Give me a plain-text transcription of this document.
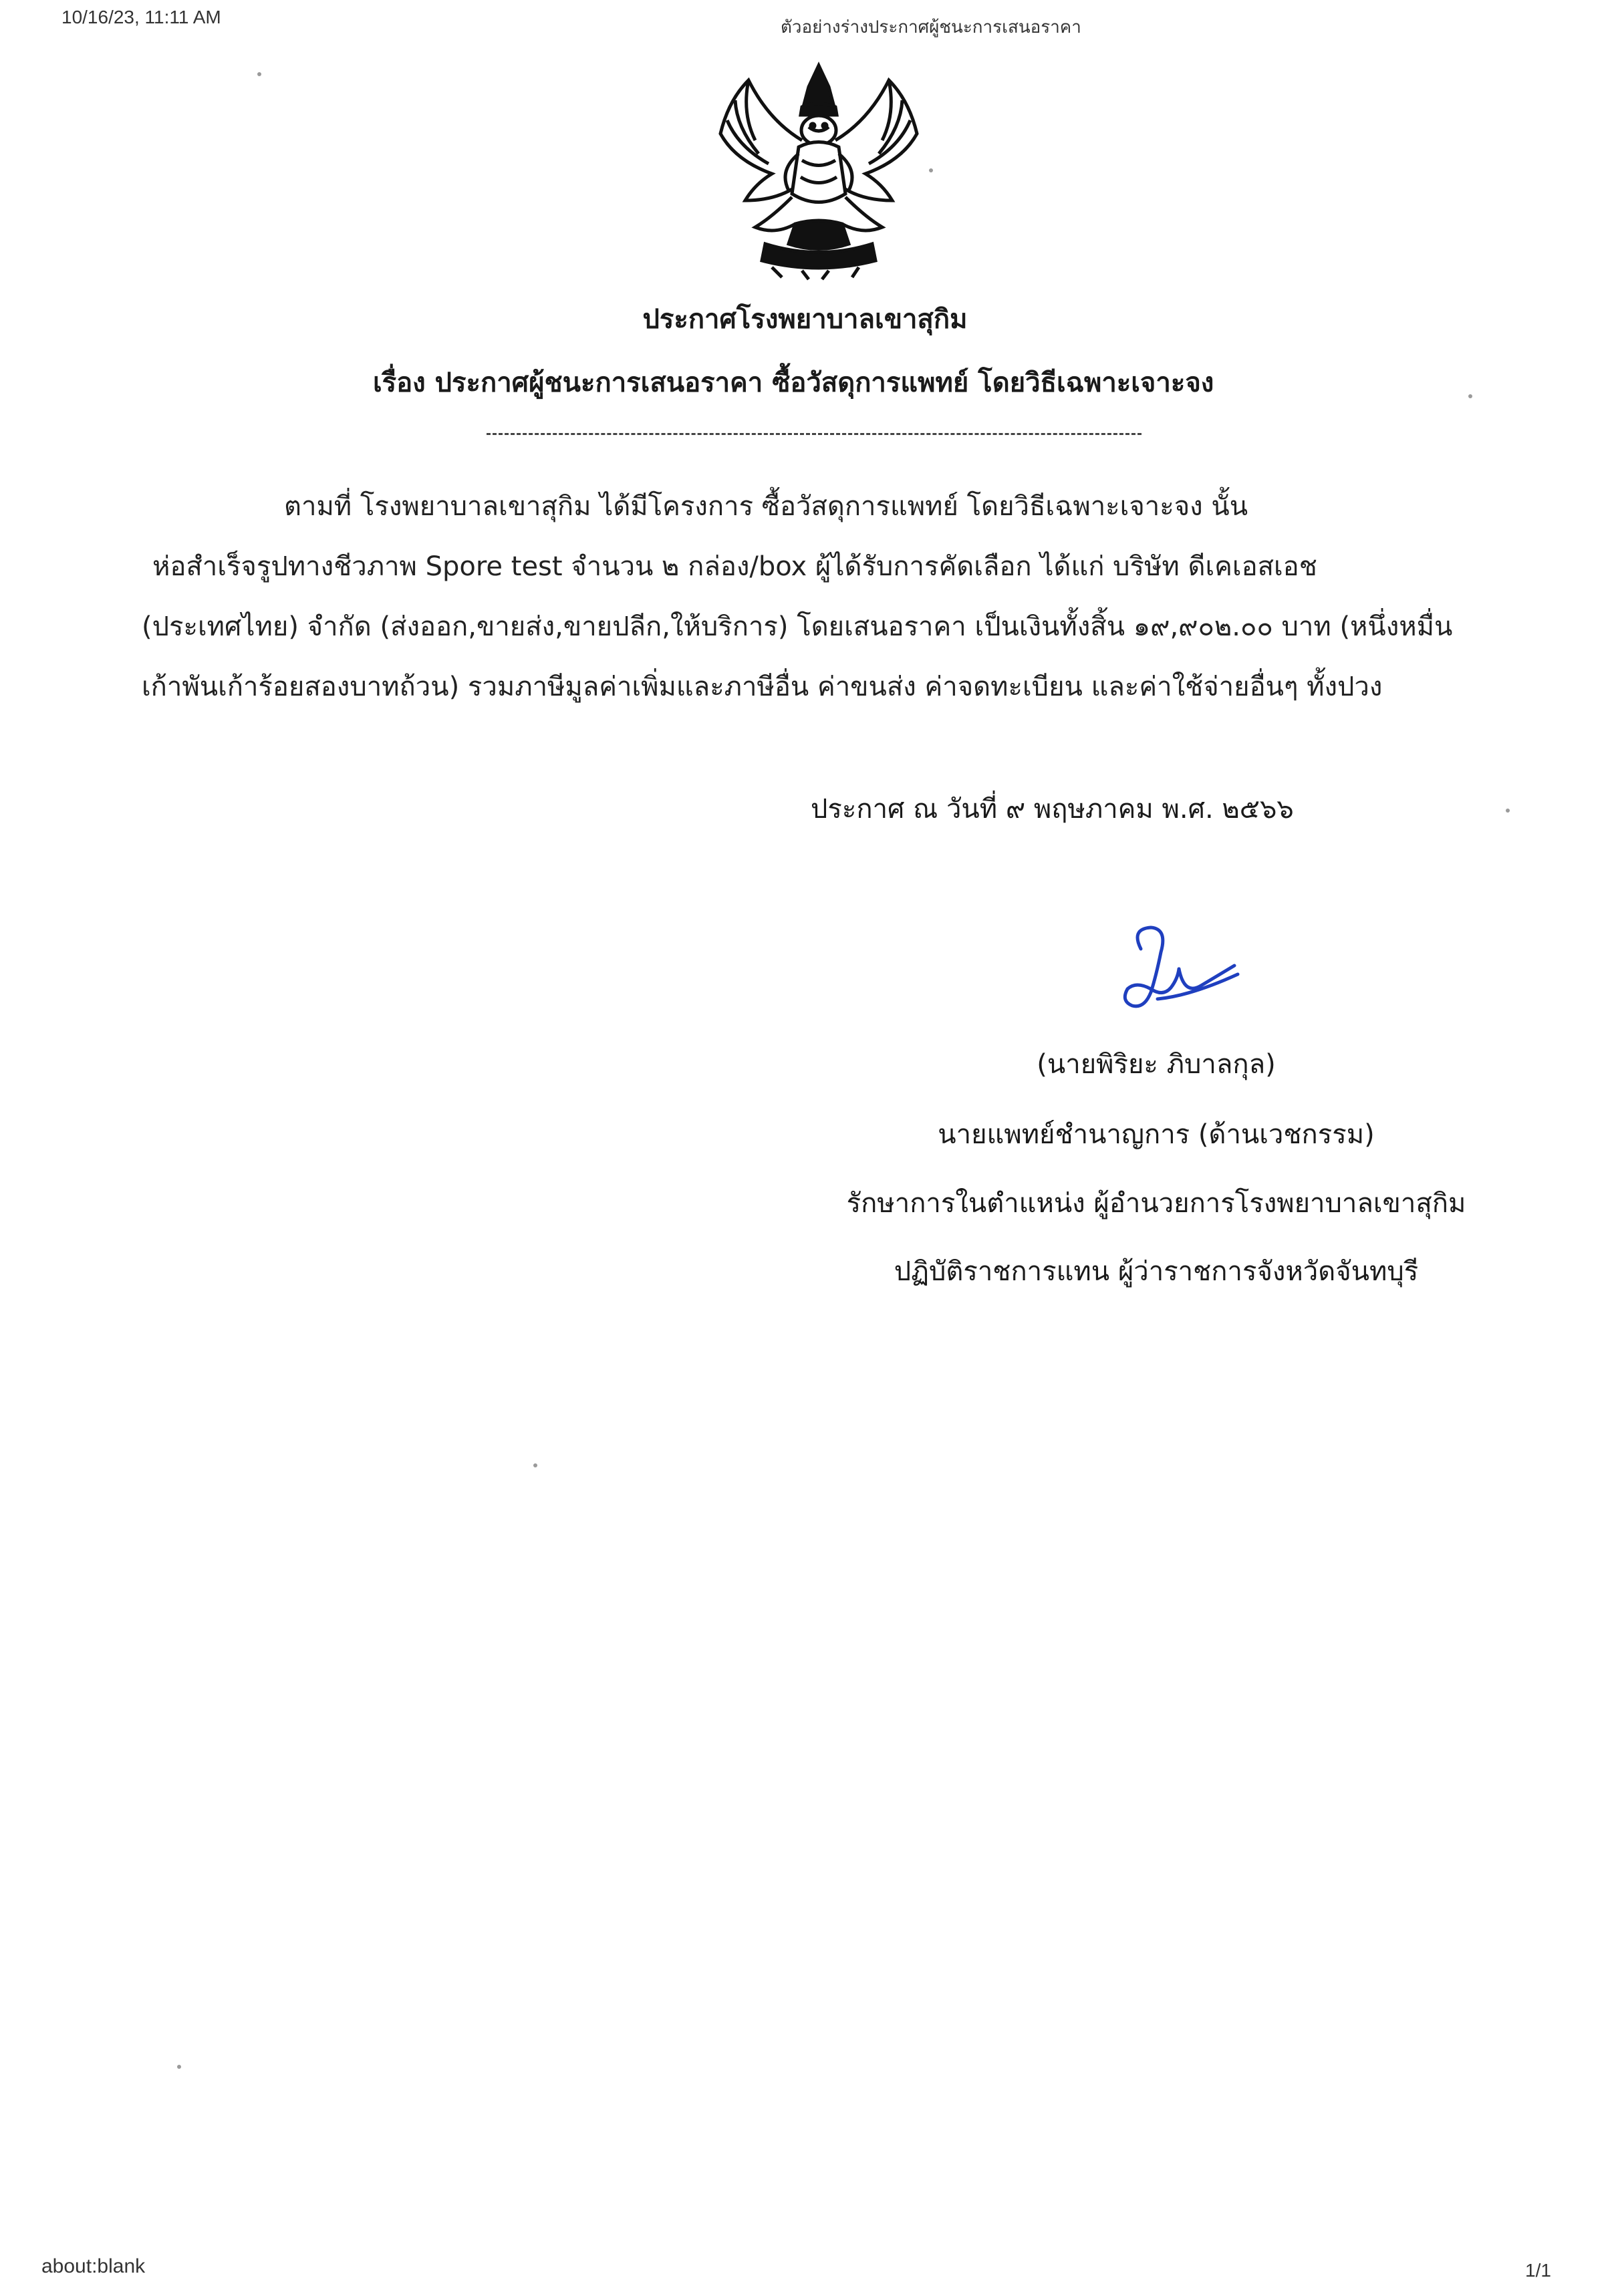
10/16/23, 11:11 AM	ตัวอย่างร่างประกาศผู้ชนะการเสนอราคา
ประกาศโรงพยาบาลเขาสุกิม
เรื่อง ประกาศผู้ชนะการเสนอราคา ซื้อวัสดุการแพทย์ โดยวิธีเฉพาะเจาะจง
ตามที่ โรงพยาบาลเขาสุกิม ได้มีโครงการ ซื้อวัสดุการแพทย์ โดยวิธีเฉพาะเจาะจง นั้น
ห่อสำเร็จรูปทางชีวภาพ Spore test จำนวน ๒ กล่อง/box ผู้ได้รับการคัดเลือก ได้แก่ บริษัท ดีเคเอสเอช
(ประเทศไทย) จำกัด (ส่งออก,ขายส่ง,ขายปลีก,ให้บริการ) โดยเสนอราคา เป็นเงินทั้งสิ้น ๑๙,๙๐๒.๐๐ บาท (หนึ่งหมื่น
เก้าพันเก้าร้อยสองบาทถ้วน) รวมภาษีมูลค่าเพิ่มและภาษีอื่น ค่าขนส่ง ค่าจดทะเบียน และค่าใช้จ่ายอื่นๆ ทั้งปวง
ประกาศ ณ วันที่ ๙ พฤษภาคม พ.ศ. ๒๕๖๖
(นายพิริยะ ภิบาลกุล)
นายแพทย์ชำนาญการ (ด้านเวชกรรม)
รักษาการในตำแหน่ง ผู้อำนวยการโรงพยาบาลเขาสุกิม
ปฏิบัติราชการแทน ผู้ว่าราชการจังหวัดจันทบุรี
about:blank	1/1
